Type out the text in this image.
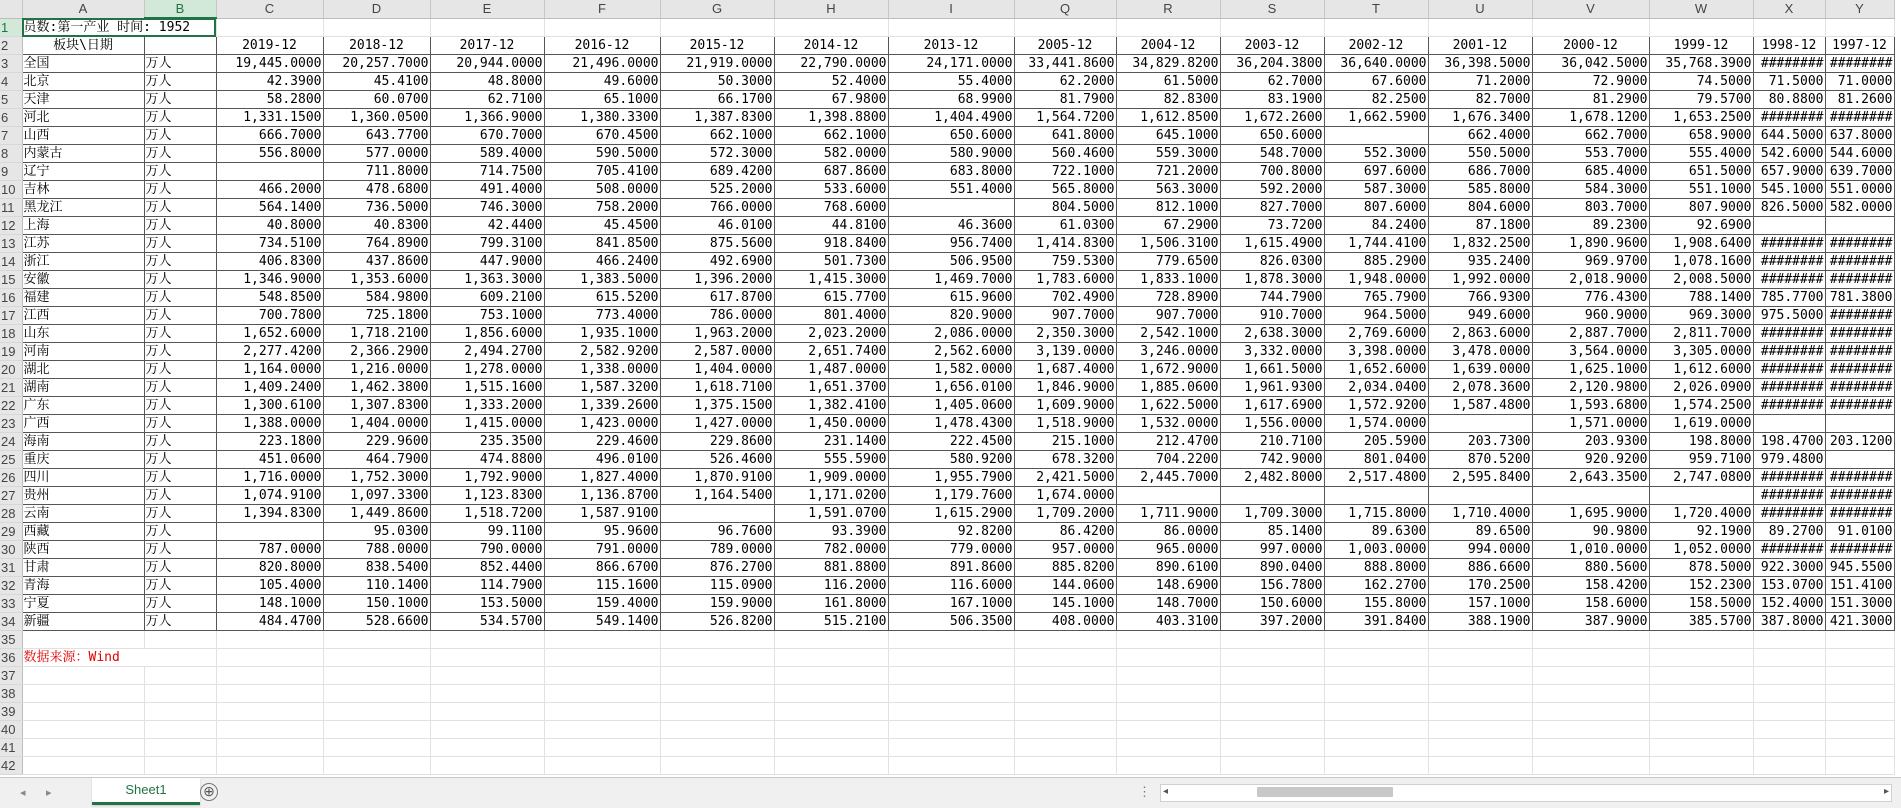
	A	B	C	D	E	F	G	H	I	Q	R	S	T	U	V	W	X	Y
1	员数:第一产业 时间: 1952																	
2	板块\日期		2019-12	2018-12	2017-12	2016-12	2015-12	2014-12	2013-12	2005-12	2004-12	2003-12	2002-12	2001-12	2000-12	1999-12	1998-12	1997-12
3	全国	万人	19,445.0000	20,257.7000	20,944.0000	21,496.0000	21,919.0000	22,790.0000	24,171.0000	33,441.8600	34,829.8200	36,204.3800	36,640.0000	36,398.5000	36,042.5000	35,768.3900	########	########
4	北京	万人	42.3900	45.4100	48.8000	49.6000	50.3000	52.4000	55.4000	62.2000	61.5000	62.7000	67.6000	71.2000	72.9000	74.5000	71.5000	71.0000
5	天津	万人	58.2800	60.0700	62.7100	65.1000	66.1700	67.9800	68.9900	81.7900	82.8300	83.1900	82.2500	82.7000	81.2900	79.5700	80.8800	81.2600
6	河北	万人	1,331.1500	1,360.0500	1,366.9000	1,380.3300	1,387.8300	1,398.8800	1,404.4900	1,564.7200	1,612.8500	1,672.2600	1,662.5900	1,676.3400	1,678.1200	1,653.2500	########	########
7	山西	万人	666.7000	643.7700	670.7000	670.4500	662.1000	662.1000	650.6000	641.8000	645.1000	650.6000		662.4000	662.7000	658.9000	644.5000	637.8000
8	内蒙古	万人	556.8000	577.0000	589.4000	590.5000	572.3000	582.0000	580.9000	560.4600	559.3000	548.7000	552.3000	550.5000	553.7000	555.4000	542.6000	544.6000
9	辽宁	万人		711.8000	714.7500	705.4100	689.4200	687.8600	683.8000	722.1000	721.2000	700.8000	697.6000	686.7000	685.4000	651.5000	657.9000	639.7000
10	吉林	万人	466.2000	478.6800	491.4000	508.0000	525.2000	533.6000	551.4000	565.8000	563.3000	592.2000	587.3000	585.8000	584.3000	551.1000	545.1000	551.0000
11	黑龙江	万人	564.1400	736.5000	746.3000	758.2000	766.0000	768.6000		804.5000	812.1000	827.7000	807.6000	804.6000	803.7000	807.9000	826.5000	582.0000
12	上海	万人	40.8000	40.8300	42.4400	45.4500	46.0100	44.8100	46.3600	61.0300	67.2900	73.7200	84.2400	87.1800	89.2300	92.6900		
13	江苏	万人	734.5100	764.8900	799.3100	841.8500	875.5600	918.8400	956.7400	1,414.8300	1,506.3100	1,615.4900	1,744.4100	1,832.2500	1,890.9600	1,908.6400	########	########
14	浙江	万人	406.8300	437.8600	447.9000	466.2400	492.6900	501.7300	506.9500	759.5300	779.6500	826.0300	885.2900	935.2400	969.9700	1,078.1600	########	########
15	安徽	万人	1,346.9000	1,353.6000	1,363.3000	1,383.5000	1,396.2000	1,415.3000	1,469.7000	1,783.6000	1,833.1000	1,878.3000	1,948.0000	1,992.0000	2,018.9000	2,008.5000	########	########
16	福建	万人	548.8500	584.9800	609.2100	615.5200	617.8700	615.7700	615.9600	702.4900	728.8900	744.7900	765.7900	766.9300	776.4300	788.1400	785.7700	781.3800
17	江西	万人	700.7800	725.1800	753.1000	773.4000	786.0000	801.4000	820.9000	907.7000	907.7000	910.7000	964.5000	949.6000	960.9000	969.3000	975.5000	########
18	山东	万人	1,652.6000	1,718.2100	1,856.6000	1,935.1000	1,963.2000	2,023.2000	2,086.0000	2,350.3000	2,542.1000	2,638.3000	2,769.6000	2,863.6000	2,887.7000	2,811.7000	########	########
19	河南	万人	2,277.4200	2,366.2900	2,494.2700	2,582.9200	2,587.0000	2,651.7400	2,562.6000	3,139.0000	3,246.0000	3,332.0000	3,398.0000	3,478.0000	3,564.0000	3,305.0000	########	########
20	湖北	万人	1,164.0000	1,216.0000	1,278.0000	1,338.0000	1,404.0000	1,487.0000	1,582.0000	1,687.4000	1,672.9000	1,661.5000	1,652.6000	1,639.0000	1,625.1000	1,612.6000	########	########
21	湖南	万人	1,409.2400	1,462.3800	1,515.1600	1,587.3200	1,618.7100	1,651.3700	1,656.0100	1,846.9000	1,885.0600	1,961.9300	2,034.0400	2,078.3600	2,120.9800	2,026.0900	########	########
22	广东	万人	1,300.6100	1,307.8300	1,333.2000	1,339.2600	1,375.1500	1,382.4100	1,405.0600	1,609.9000	1,622.5000	1,617.6900	1,572.9200	1,587.4800	1,593.6800	1,574.2500	########	########
23	广西	万人	1,388.0000	1,404.0000	1,415.0000	1,423.0000	1,427.0000	1,450.0000	1,478.4300	1,518.9000	1,532.0000	1,556.0000	1,574.0000		1,571.0000	1,619.0000		
24	海南	万人	223.1800	229.9600	235.3500	229.4600	229.8600	231.1400	222.4500	215.1000	212.4700	210.7100	205.5900	203.7300	203.9300	198.8000	198.4700	203.1200
25	重庆	万人	451.0600	464.7900	474.8800	496.0100	526.4600	555.5900	580.9200	678.3200	704.2200	742.9000	801.0400	870.5200	920.9200	959.7100	979.4800	
26	四川	万人	1,716.0000	1,752.3000	1,792.9000	1,827.4000	1,870.9100	1,909.0000	1,955.7900	2,421.5000	2,445.7000	2,482.8000	2,517.4800	2,595.8400	2,643.3500	2,747.0800	########	########
27	贵州	万人	1,074.9100	1,097.3300	1,123.8300	1,136.8700	1,164.5400	1,171.0200	1,179.7600	1,674.0000							########	########
28	云南	万人	1,394.8300	1,449.8600	1,518.7200	1,587.9100		1,591.0700	1,615.2900	1,709.2000	1,711.9000	1,709.3000	1,715.8000	1,710.4000	1,695.9000	1,720.4000	########	########
29	西藏	万人		95.0300	99.1100	95.9600	96.7600	93.3900	92.8200	86.4200	86.0000	85.1400	89.6300	89.6500	90.9800	92.1900	89.2700	91.0100
30	陕西	万人	787.0000	788.0000	790.0000	791.0000	789.0000	782.0000	779.0000	957.0000	965.0000	997.0000	1,003.0000	994.0000	1,010.0000	1,052.0000	########	########
31	甘肃	万人	820.8000	838.5400	852.4400	866.6700	876.2700	881.8800	891.8600	885.8200	890.6100	890.0400	888.8000	886.6600	880.5600	878.5000	922.3000	945.5500
32	青海	万人	105.4000	110.1400	114.7900	115.1600	115.0900	116.2000	116.6000	144.0600	148.6900	156.7800	162.2700	170.2500	158.4200	152.2300	153.0700	151.4100
33	宁夏	万人	148.1000	150.1000	153.5000	159.4000	159.9000	161.8000	167.1000	145.1000	148.7000	150.6000	155.8000	157.1000	158.6000	158.5000	152.4000	151.3000
34	新疆	万人	484.4700	528.6600	534.5700	549.1400	526.8200	515.2100	506.3500	408.0000	403.3100	397.2000	391.8400	388.1900	387.9000	385.5700	387.8000	421.3000
35																		
36	数据来源：Wind																	
37																		
38																		
39																		
40																		
41																		
42																		
◂ ▸	Sheet1	⊕	⋮ ◂	▸
